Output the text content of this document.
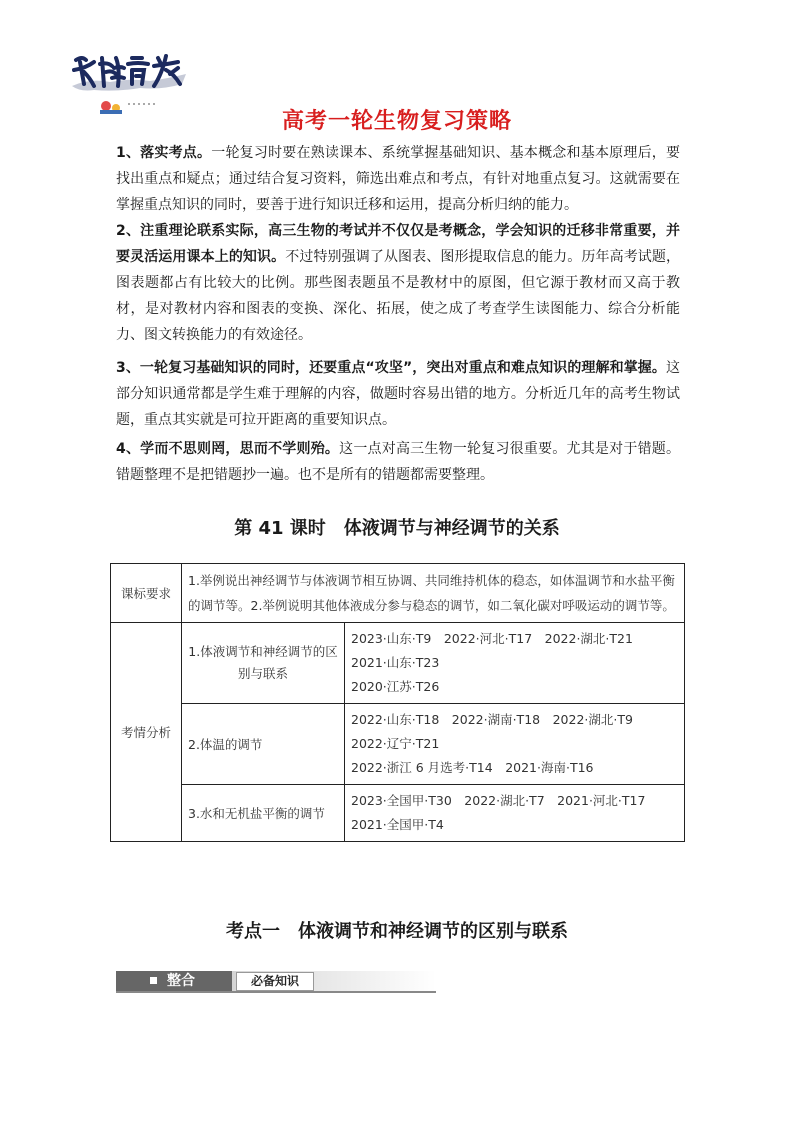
高考一轮生物复习策略

1、落实考点。一轮复习时要在熟读课本、系统掌握基础知识、基本概念和基本原理后，要找出重点和疑点；通过结合复习资料，筛选出难点和考点，有针对地重点复习。这就需要在掌握重点知识的同时，要善于进行知识迁移和运用，提高分析归纳的能力。

2、注重理论联系实际，高三生物的考试并不仅仅是考概念，学会知识的迁移非常重要，并要灵活运用课本上的知识。不过特别强调了从图表、图形提取信息的能力。历年高考试题，图表题都占有比较大的比例。那些图表题虽不是教材中的原图，但它源于教材而又高于教材，是对教材内容和图表的变换、深化、拓展，使之成了考查学生读图能力、综合分析能力、图文转换能力的有效途径。

3、一轮复习基础知识的同时，还要重点“攻坚”，突出对重点和难点知识的理解和掌握。这部分知识通常都是学生难于理解的内容，做题时容易出错的地方。分析近几年的高考生物试题，重点其实就是可拉开距离的重要知识点。

4、学而不思则罔，思而不学则殆。这一点对高三生物一轮复习很重要。尤其是对于错题。错题整理不是把错题抄一遍。也不是所有的错题都需要整理。

第 41 课时　体液调节与神经调节的关系
课标要求	1.举例说出神经调节与体液调节相互协调、共同维持机体的稳态，如体温调节和水盐平衡的调节等。2.举例说明其他体液成分参与稳态的调节，如二氧化碳对呼吸运动的调节等。	
考情分析	1.体液调节和神经调节的区别与联系	2023·山东·T9　2022·河北·T17　2022·湖北·T21
2021·山东·T23
2020·江苏·T26

	2.体温的调节	2022·山东·T18　2022·湖南·T18　2022·湖北·T9
2022·辽宁·T21
2022·浙江 6 月选考·T14　2021·海南·T16

	3.水和无机盐平衡的调节	2023·全国甲·T30　2022·湖北·T7　2021·河北·T17
2021·全国甲·T4
考点一　体液调节和神经调节的区别与联系
整合	必备知识
